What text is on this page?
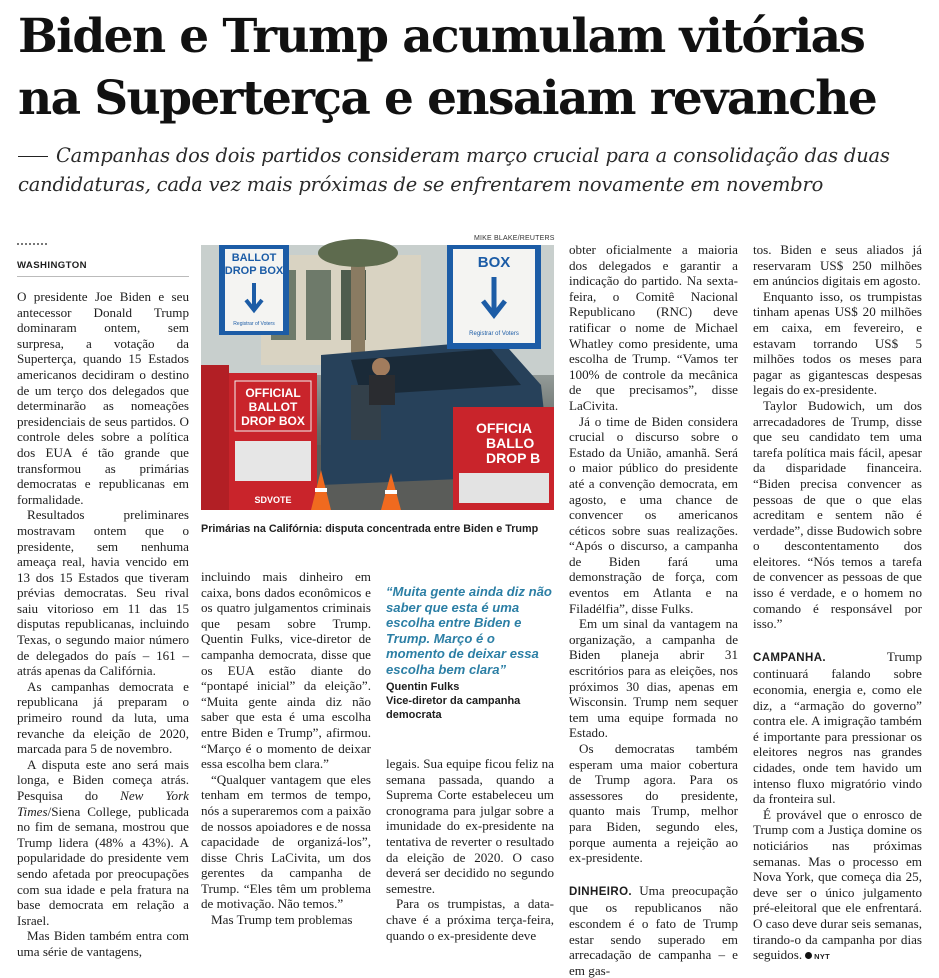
Biden e Trump acumulam vitórias na Superterça e ensaiam revanche
Campanhas dos dois partidos consideram março crucial para a consolidação das duas candidaturas, cada vez mais próximas de se enfrentarem novamente em novembro
WASHINGTON

O presidente Joe Biden e seu antecessor Donald Trump dominaram ontem, sem surpresa, a votação da Superterça, quando 15 Estados americanos decidiram o destino de um terço dos delegados que determinarão as nomeações presidenciais de seus partidos. O controle deles sobre a política dos EUA é tão grande que transformou as primárias democratas e republicanas em formalidade.

Resultados preliminares mostravam ontem que o presidente, sem nenhuma ameaça real, havia vencido em 13 dos 15 Estados que tiveram prévias democratas. Seu rival saiu vitorioso em 11 das 15 disputas republicanas, incluindo Texas, o segundo maior número de delegados do país – 161 – atrás apenas da Califórnia.

As campanhas democrata e republicana já preparam o primeiro round da luta, uma revanche da eleição de 2020, marcada para 5 de novembro.

A disputa este ano será mais longa, e Biden começa atrás. Pesquisa do New York Times/Siena College, publicada no fim de semana, mostrou que Trump lidera (48% a 43%). A popularidade do presidente vem sendo afetada por preocupações com sua idade e pela fratura na base democrata em relação a Israel.

Mas Biden também entra com uma série de vantagens,

MIKE BLAKE/REUTERS
BALLOT
DROP BOX
Registrar of Voters
BOX
Registrar of Voters
OFFICIAL
BALLOT
DROP BOX
SDVOTE
OFFICIA
BALLO
DROP B
Primárias na Califórnia: disputa concentrada entre Biden e Trump

incluindo mais dinheiro em caixa, bons dados econômicos e os quatro julgamentos criminais que pesam sobre Trump. Quentin Fulks, vice-diretor de campanha democrata, disse que os EUA estão diante do “pontapé inicial” da eleição”. “Muita gente ainda diz não saber que esta é uma escolha entre Biden e Trump”, afirmou. “Março é o momento de deixar essa escolha bem clara.”

“Qualquer vantagem que eles tenham em termos de tempo, nós a superaremos com a paixão de nossos apoiadores e de nossa capacidade de organizá-los”, disse Chris LaCivita, um dos gerentes da campanha de Trump. “Eles têm um problema de motivação. Não temos.”

Mas Trump tem problemas

“Muita gente ainda diz não saber que esta é uma escolha entre Biden e Trump. Março é o momento de deixar essa escolha bem clara”
Quentin Fulks
Vice-diretor da campanha democrata

legais. Sua equipe ficou feliz na semana passada, quando a Suprema Corte estabeleceu um cronograma para julgar sobre a imunidade do ex-presidente na tentativa de reverter o resultado da eleição de 2020. O caso deverá ser decidido no segundo semestre.

Para os trumpistas, a data-chave é a próxima terça-feira, quando o ex-presidente deve

obter oficialmente a maioria dos delegados e garantir a indicação do partido. Na sexta-feira, o Comitê Nacional Republicano (RNC) deve ratificar o nome de Michael Whatley como presidente, uma escolha de Trump. “Vamos ter 100% de controle da mecânica de que precisamos”, disse LaCivita.

Já o time de Biden considera crucial o discurso sobre o Estado da União, amanhã. Será o maior público do presidente até a convenção democrata, em agosto, e uma chance de convencer os americanos céticos sobre suas realizações. “Após o discurso, a campanha de Biden fará uma demonstração de força, com eventos em Atlanta e na Filadélfia”, disse Fulks.

Em um sinal da vantagem na organização, a campanha de Biden planeja abrir 31 escritórios para as eleições, nos próximos 30 dias, apenas em Wisconsin. Trump nem sequer tem uma equipe formada no Estado.

Os democratas também esperam uma maior cobertura de Trump agora. Para os assessores do presidente, quanto mais Trump, melhor para Biden, segundo eles, porque aumenta a rejeição ao ex-presidente.

DINHEIRO. Uma preocupação que os republicanos não escondem é o fato de Trump estar sendo superado em arrecadação de campanha – e em gas-

tos. Biden e seus aliados já reservaram US$ 250 milhões em anúncios digitais em agosto.

Enquanto isso, os trumpistas tinham apenas US$ 20 milhões em caixa, em fevereiro, e estavam torrando US$ 5 milhões todos os meses para pagar as gigantescas despesas legais do ex-presidente.

Taylor Budowich, um dos arrecadadores de Trump, disse que seu candidato tem uma tarefa política mais fácil, apesar da disparidade financeira. “Biden precisa convencer as pessoas de que o que elas acreditam e sentem não é verdade”, disse Budowich sobre o descontentamento dos eleitores. “Nós temos a tarefa de convencer as pessoas de que isso é verdade, e o homem no comando é responsável por isso.”

CAMPANHA. Trump continuará falando sobre economia, energia e, como ele diz, a “armação do governo” contra ele. A imigração também é importante para pressionar os eleitores negros nas grandes cidades, onde tem havido um intenso fluxo migratório vindo da fronteira sul.

É provável que o enrosco de Trump com a Justiça domine os noticiários nas próximas semanas. Mas o processo em Nova York, que começa dia 25, deve ser o único julgamento pré-eleitoral que ele enfrentará. O caso deve durar seis semanas, tirando-o da campanha por dias seguidos. NYT
